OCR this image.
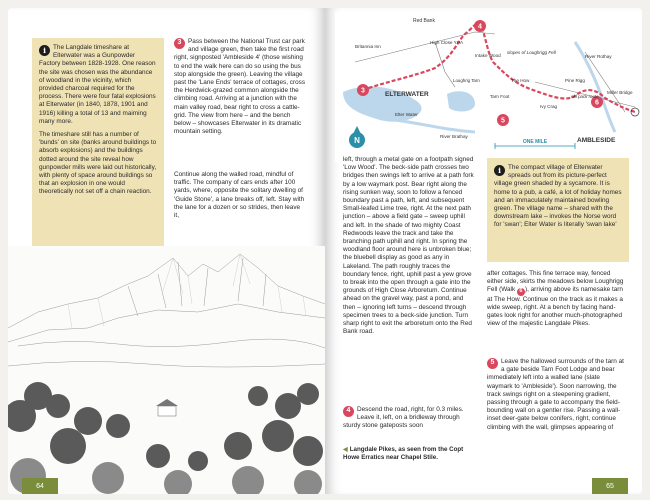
i	The Langdale timeshare at Elterwater was a Gunpowder Factory between 1828-1928. One reason the site was chosen was the abundance of woodland in the vicinity, which provided charcoal required for the process. There were four fatal explosions at Elterwater (in 1840, 1878, 1901 and 1916) killing a total of 13 and maiming many more.

The timeshare still has a number of 'bunds' on site (banks around buildings to absorb explosions) and the buildings dotted around the site reveal how gunpowder mills were laid out historically, with plenty of space around buildings so that an explosion in one would theoretically not set off a chain reaction.

3	Pass between the National Trust car park and village green, then take the first road right, signposted 'Ambleside 4' (those wishing to end the walk here can do so using the bus stop alongside the green). Leaving the village past the 'Lane Ends' terrace of cottages, cross the Herdwick-grazed common alongside the climbing road. Arriving at a junction with the main valley road, bear right to cross a cattle-grid. The view from here – and the bench below – showcases Elterwater in its dramatic mountain setting.

Continue along the walled road, mindful of traffic. The company of cars ends after 100 yards, where, opposite the solitary dwelling of 'Guide Stone', a lane breaks off, left. Stay with the lane for a dozen or so strides, then leave it,

64
3
4
5
6
Red Bank
Britannia Inn
High Close YHA
slopes of Loughrigg Fell
Intake Wood
The How
Tarn Foot
Ivy Crag
Pine Rigg
River Rothay
old pack route
Miller Bridge
ELTERWATER
Elter Water
Loughrig Tarn
River Brathay
AMBLESIDE
N	ONE MILE

left, through a metal gate on a footpath signed 'Low Wood'. The beck-side path crosses two bridges then swings left to arrive at a path fork by a low waymark post. Bear right along the rising sunken way, soon to follow a fenced boundary past a path, left, and subsequent Small-leafed Lime tree, right. At the next path junction – above a field gate – sweep uphill and left. In the shade of two mighty Coast Redwoods leave the track and take the branching path uphill and right. In spring the woodland floor around here is unbroken blue; the bluebell display as good as any in Lakeland. The path roughly traces the boundary fence, right, uphill past a yew grove to break into the open through a gate into the grounds of High Close Arboretum. Continue ahead on the gravel way, past a pond, and then – ignoring left turns – descend through specimen trees to a beck-side junction. Turn sharp right to exit the arboretum onto the Red Bank road.

4	Descend the road, right, for 0.3 miles. Leave it, left, on a bridleway through sturdy stone gateposts soon
◀ Langdale Pikes, as seen from the Copt Howe Erratics near Chapel Stile.
i	The compact village of Elterwater spreads out from its picture-perfect village green shaded by a sycamore. It is home to a pub, a café, a lot of holiday homes and an immaculately maintained bowling green. The village name – shared with the downstream lake – invokes the Norse word for 'swan'; Elter Water is literally 'swan lake'

after cottages. This fine terrace way, fenced either side, skirts the meadows below Loughrigg Fell (Walk 6 ), arriving above its namesake tarn at The How. Continue on the track as it makes a wide sweep, right. At a bench by facing hand-gates look right for another much-photographed view of the majestic Langdale Pikes.

5	Leave the hallowed surrounds of the tarn at a gate beside Tarn Foot Lodge and bear immediately left into a walled lane (slate waymark to 'Ambleside'). Soon narrowing, the track swings right on a steepening gradient, passing through a gate to accompany the field-bounding wall on a gentler rise. Passing a wall-inset deer-gate below conifers, right, continue climbing with the wall, glimpses appearing of
65
